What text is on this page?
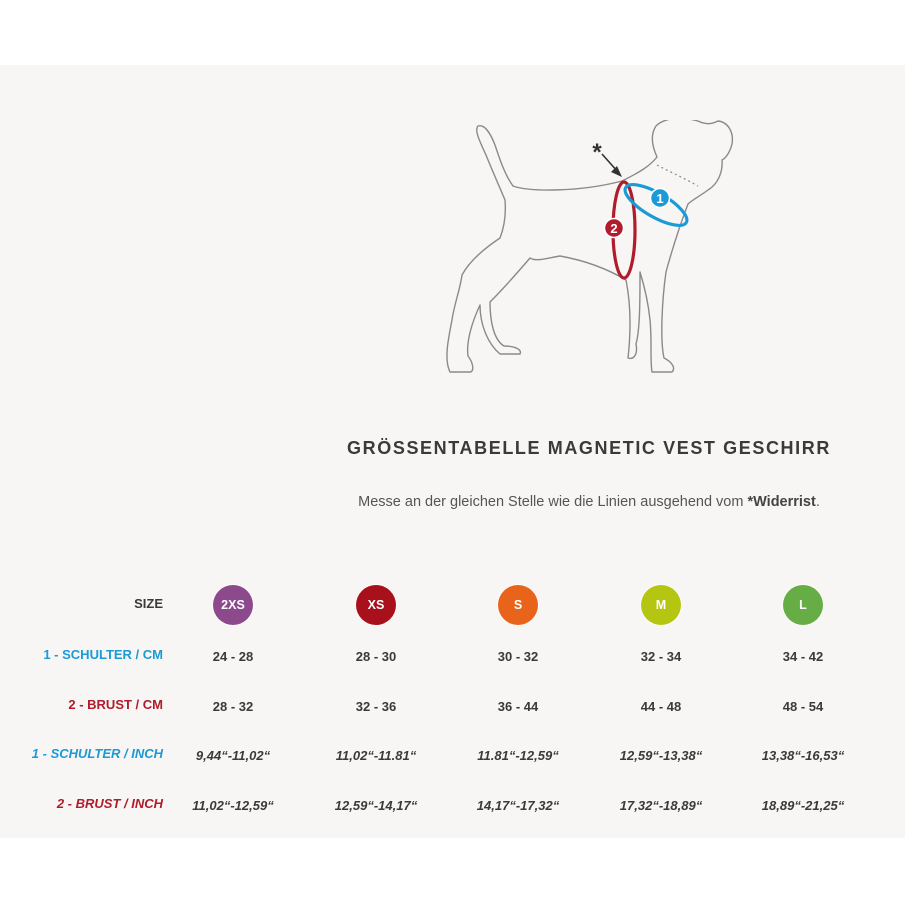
1
2
*
GRÖSSENTABELLE MAGNETIC VEST GESCHIRR
Messe an der gleichen Stelle wie die Linien ausgehend vom *Widerrist.
SIZE	2XS	XS	S	M	L
1 - SCHULTER / CM	24 - 28	28 - 30	30 - 32	32 - 34	34 - 42
2 - BRUST / CM	28 - 32	32 - 36	36 - 44	44 - 48	48 - 54
1 - SCHULTER / INCH	9,44“-11,02“	11,02“-11.81“	11.81“-12,59“	12,59“-13,38“	13,38“-16,53“
2 - BRUST / INCH	11,02“-12,59“	12,59“-14,17“	14,17“-17,32“	17,32“-18,89“	18,89“-21,25“
